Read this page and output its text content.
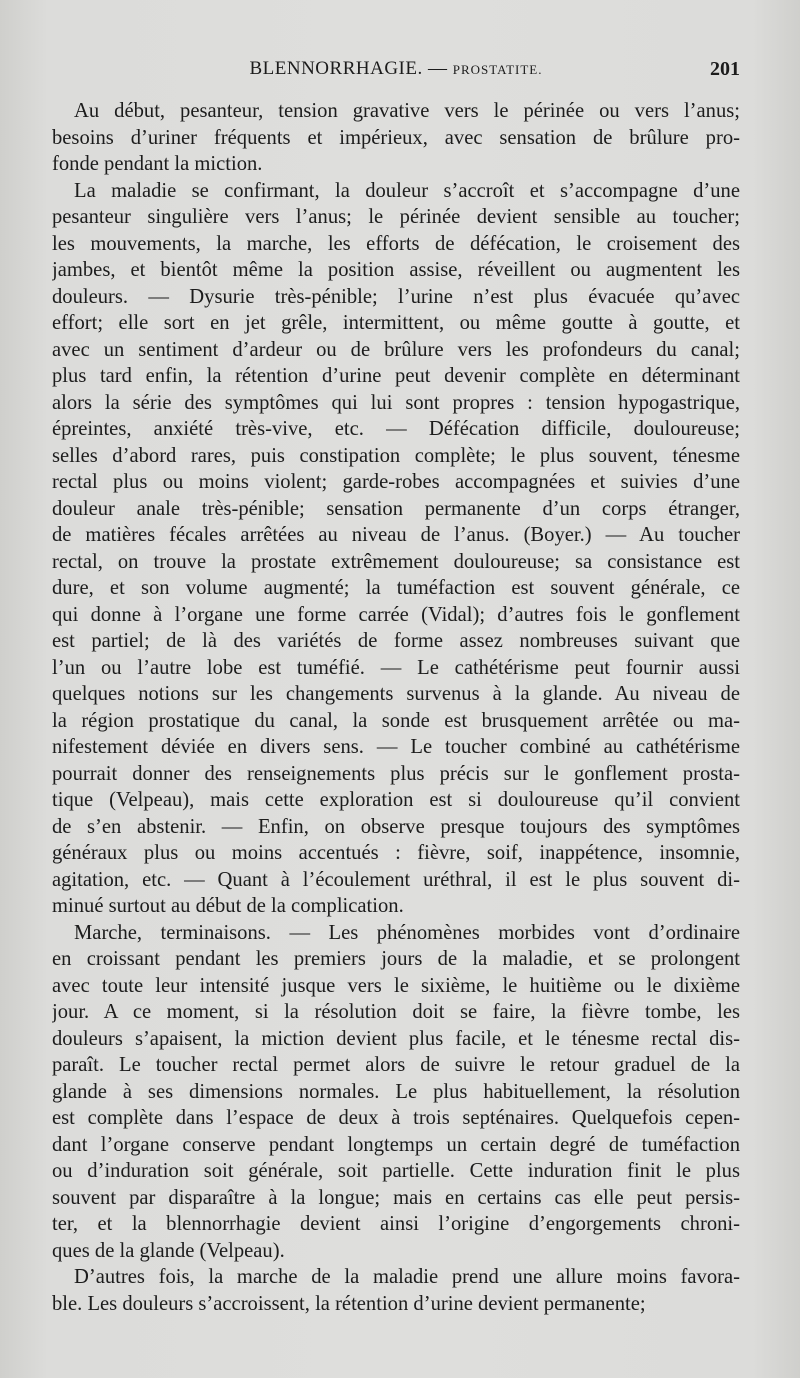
BLENNORRHAGIE. — PROSTATITE.	201

Au début, pesanteur, tension gravative vers le périnée ou vers l’anus;
besoins d’uriner fréquents et impérieux, avec sensation de brûlure pro-
fonde pendant la miction.

La maladie se confirmant, la douleur s’accroît et s’accompagne d’une
pesanteur singulière vers l’anus; le périnée devient sensible au toucher;
les mouvements, la marche, les efforts de défécation, le croisement des
jambes, et bientôt même la position assise, réveillent ou augmentent les
douleurs. — Dysurie très-pénible; l’urine n’est plus évacuée qu’avec
effort; elle sort en jet grêle, intermittent, ou même goutte à goutte, et
avec un sentiment d’ardeur ou de brûlure vers les profondeurs du canal;
plus tard enfin, la rétention d’urine peut devenir complète en déterminant
alors la série des symptômes qui lui sont propres : tension hypogastrique,
épreintes, anxiété très-vive, etc. — Défécation difficile, douloureuse;
selles d’abord rares, puis constipation complète; le plus souvent, ténesme
rectal plus ou moins violent; garde-robes accompagnées et suivies d’une
douleur anale très-pénible; sensation permanente d’un corps étranger,
de matières fécales arrêtées au niveau de l’anus. (Boyer.) — Au toucher
rectal, on trouve la prostate extrêmement douloureuse; sa consistance est
dure, et son volume augmenté; la tuméfaction est souvent générale, ce
qui donne à l’organe une forme carrée (Vidal); d’autres fois le gonflement
est partiel; de là des variétés de forme assez nombreuses suivant que
l’un ou l’autre lobe est tuméfié. — Le cathétérisme peut fournir aussi
quelques notions sur les changements survenus à la glande. Au niveau de
la région prostatique du canal, la sonde est brusquement arrêtée ou ma-
nifestement déviée en divers sens. — Le toucher combiné au cathétérisme
pourrait donner des renseignements plus précis sur le gonflement prosta-
tique (Velpeau), mais cette exploration est si douloureuse qu’il convient
de s’en abstenir. — Enfin, on observe presque toujours des symptômes
généraux plus ou moins accentués : fièvre, soif, inappétence, insomnie,
agitation, etc. — Quant à l’écoulement uréthral, il est le plus souvent di-
minué surtout au début de la complication.

Marche, terminaisons. — Les phénomènes morbides vont d’ordinaire
en croissant pendant les premiers jours de la maladie, et se prolongent
avec toute leur intensité jusque vers le sixième, le huitième ou le dixième
jour. A ce moment, si la résolution doit se faire, la fièvre tombe, les
douleurs s’apaisent, la miction devient plus facile, et le ténesme rectal dis-
paraît. Le toucher rectal permet alors de suivre le retour graduel de la
glande à ses dimensions normales. Le plus habituellement, la résolution
est complète dans l’espace de deux à trois septénaires. Quelquefois cepen-
dant l’organe conserve pendant longtemps un certain degré de tuméfaction
ou d’induration soit générale, soit partielle. Cette induration finit le plus
souvent par disparaître à la longue; mais en certains cas elle peut persis-
ter, et la blennorrhagie devient ainsi l’origine d’engorgements chroni-
ques de la glande (Velpeau).

D’autres fois, la marche de la maladie prend une allure moins favora-
ble. Les douleurs s’accroissent, la rétention d’urine devient permanente;
